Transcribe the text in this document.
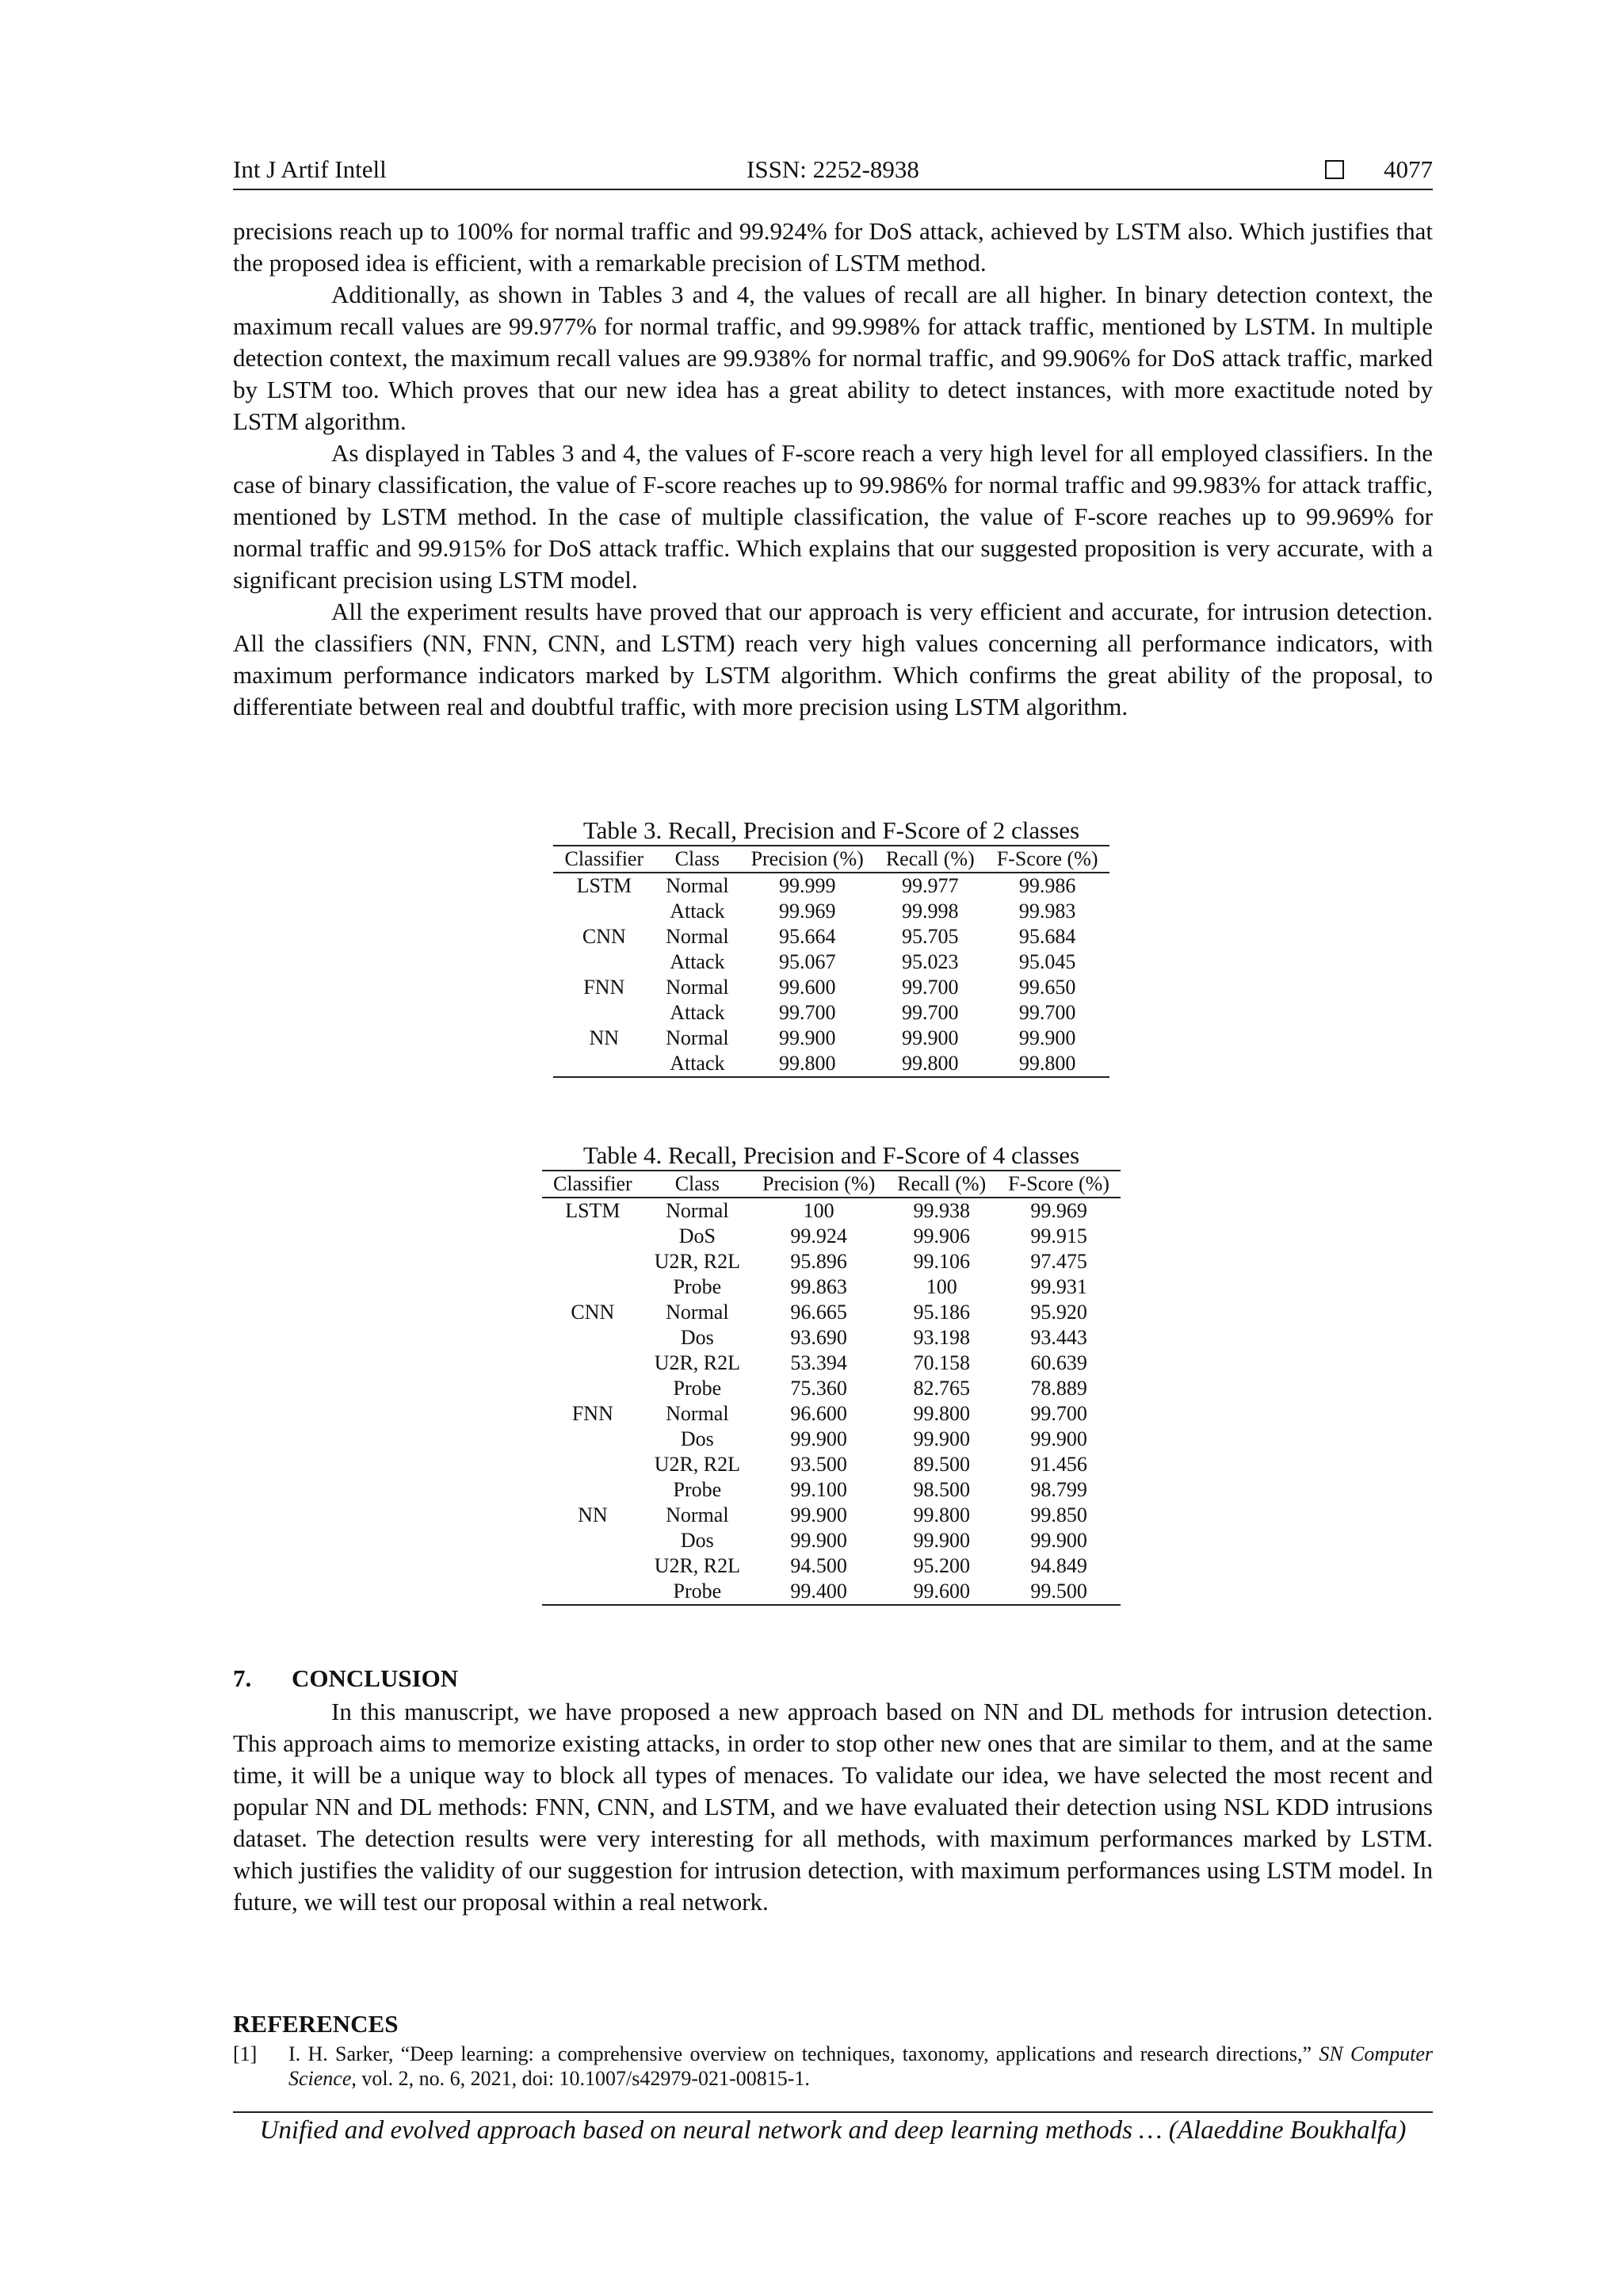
Int J Artif Intell	ISSN: 2252-8938	4077

precisions reach up to 100% for normal traffic and 99.924% for DoS attack, achieved by LSTM also. Which justifies that the proposed idea is efficient, with a remarkable precision of LSTM method.

Additionally, as shown in Tables 3 and 4, the values of recall are all higher. In binary detection context, the maximum recall values are 99.977% for normal traffic, and 99.998% for attack traffic, mentioned by LSTM. In multiple detection context, the maximum recall values are 99.938% for normal traffic, and 99.906% for DoS attack traffic, marked by LSTM too. Which proves that our new idea has a great ability to detect instances, with more exactitude noted by LSTM algorithm.

As displayed in Tables 3 and 4, the values of F-score reach a very high level for all employed classifiers. In the case of binary classification, the value of F-score reaches up to 99.986% for normal traffic and 99.983% for attack traffic, mentioned by LSTM method. In the case of multiple classification, the value of F-score reaches up to 99.969% for normal traffic and 99.915% for DoS attack traffic. Which explains that our suggested proposition is very accurate, with a significant precision using LSTM model.

All the experiment results have proved that our approach is very efficient and accurate, for intrusion detection. All the classifiers (NN, FNN, CNN, and LSTM) reach very high values concerning all performance indicators, with maximum performance indicators marked by LSTM algorithm. Which confirms the great ability of the proposal, to differentiate between real and doubtful traffic, with more precision using LSTM algorithm.

Table 3. Recall, Precision and F-Score of 2 classes
Classifier	Class	Precision (%)	Recall (%)	F-Score (%)
LSTM	Normal	99.999	99.977	99.986
	Attack	99.969	99.998	99.983
CNN	Normal	95.664	95.705	95.684
	Attack	95.067	95.023	95.045
FNN	Normal	99.600	99.700	99.650
	Attack	99.700	99.700	99.700
NN	Normal	99.900	99.900	99.900
	Attack	99.800	99.800	99.800
Table 4. Recall, Precision and F-Score of 4 classes
Classifier	Class	Precision (%)	Recall (%)	F-Score (%)
LSTM	Normal	100	99.938	99.969
	DoS	99.924	99.906	99.915
	U2R, R2L	95.896	99.106	97.475
	Probe	99.863	100	99.931
CNN	Normal	96.665	95.186	95.920
	Dos	93.690	93.198	93.443
	U2R, R2L	53.394	70.158	60.639
	Probe	75.360	82.765	78.889
FNN	Normal	96.600	99.800	99.700
	Dos	99.900	99.900	99.900
	U2R, R2L	93.500	89.500	91.456
	Probe	99.100	98.500	98.799
NN	Normal	99.900	99.800	99.850
	Dos	99.900	99.900	99.900
	U2R, R2L	94.500	95.200	94.849
	Probe	99.400	99.600	99.500
7. CONCLUSION

In this manuscript, we have proposed a new approach based on NN and DL methods for intrusion detection. This approach aims to memorize existing attacks, in order to stop other new ones that are similar to them, and at the same time, it will be a unique way to block all types of menaces. To validate our idea, we have selected the most recent and popular NN and DL methods: FNN, CNN, and LSTM, and we have evaluated their detection using NSL KDD intrusions dataset. The detection results were very interesting for all methods, with maximum performances marked by LSTM. which justifies the validity of our suggestion for intrusion detection, with maximum performances using LSTM model. In future, we will test our proposal within a real network.

REFERENCES
[1]	I. H. Sarker, “Deep learning: a comprehensive overview on techniques, taxonomy, applications and research directions,” SN Computer Science, vol. 2, no. 6, 2021, doi: 10.1007/s42979-021-00815-1.
Unified and evolved approach based on neural network and deep learning methods … (Alaeddine Boukhalfa)
